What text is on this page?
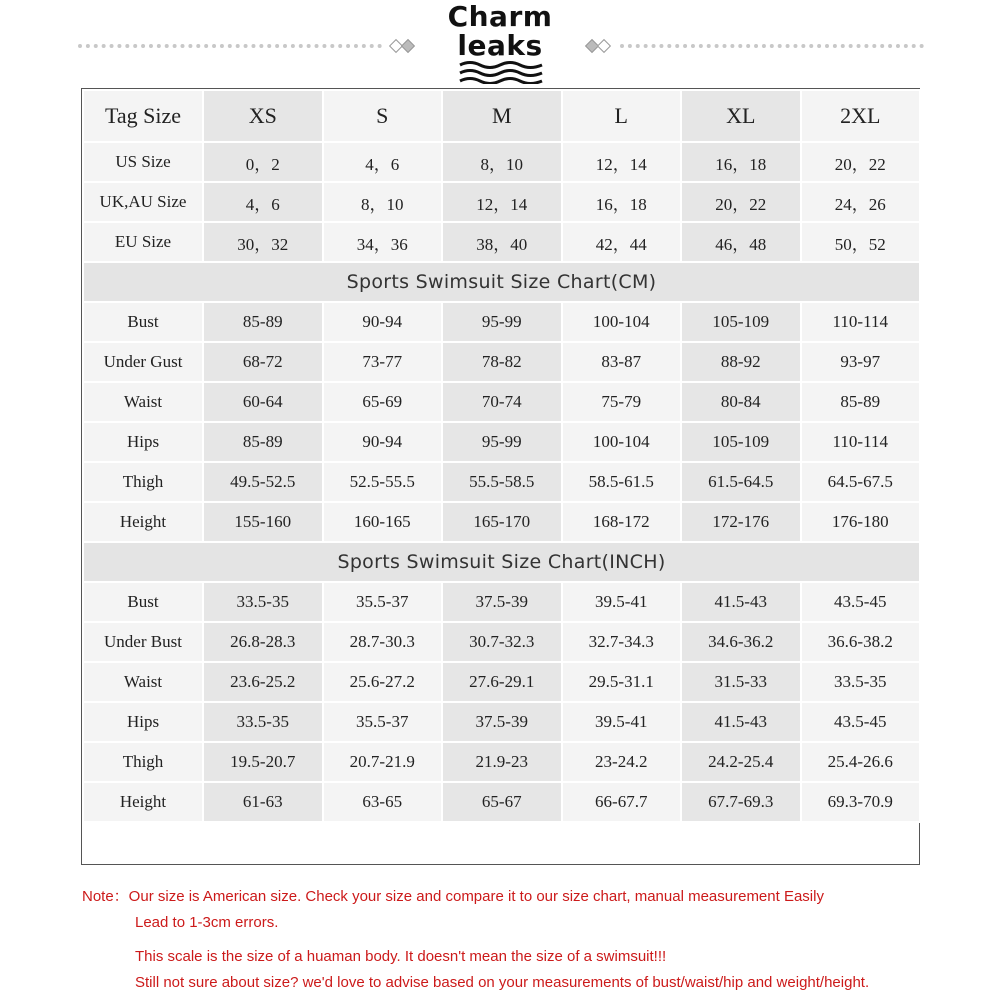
Charm
leaks
Tag Size	XS	S	M	L	XL	2XL
US Size	0，2	4，6	8，10	12，14	16，18	20，22
UK,AU Size	4，6	8，10	12，14	16，18	20，22	24，26
EU Size	30，32	34，36	38，40	42，44	46，48	50，52
Sports Swimsuit Size Chart(CM)						
Bust	85-89	90-94	95-99	100-104	105-109	110-114
Under Gust	68-72	73-77	78-82	83-87	88-92	93-97
Waist	60-64	65-69	70-74	75-79	80-84	85-89
Hips	85-89	90-94	95-99	100-104	105-109	110-114
Thigh	49.5-52.5	52.5-55.5	55.5-58.5	58.5-61.5	61.5-64.5	64.5-67.5
Height	155-160	160-165	165-170	168-172	172-176	176-180
Sports Swimsuit Size Chart(INCH)						
Bust	33.5-35	35.5-37	37.5-39	39.5-41	41.5-43	43.5-45
Under Bust	26.8-28.3	28.7-30.3	30.7-32.3	32.7-34.3	34.6-36.2	36.6-38.2
Waist	23.6-25.2	25.6-27.2	27.6-29.1	29.5-31.1	31.5-33	33.5-35
Hips	33.5-35	35.5-37	37.5-39	39.5-41	41.5-43	43.5-45
Thigh	19.5-20.7	20.7-21.9	21.9-23	23-24.2	24.2-25.4	25.4-26.6
Height	61-63	63-65	65-67	66-67.7	67.7-69.3	69.3-70.9
Note：Our size is American size. Check your size and compare it to our size chart, manual measurement Easily
Lead to 1-3cm errors.
This scale is the size of a huaman body. It doesn't mean the size of a swimsuit!!!
Still not sure about size? we'd love to advise based on your measurements of bust/waist/hip and weight/height.
